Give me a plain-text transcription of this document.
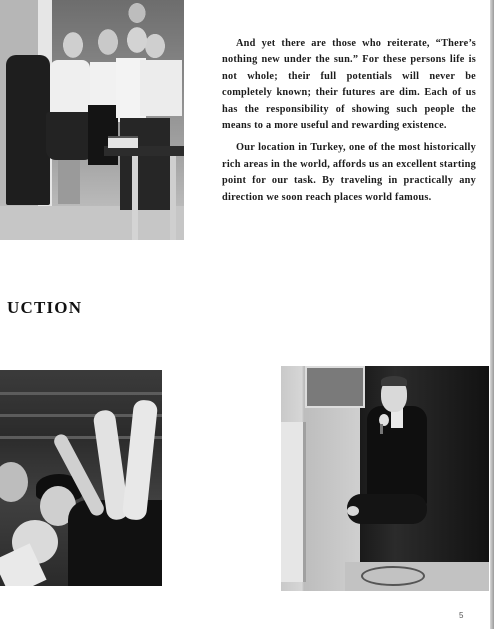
And yet there are those who reiterate, “There’s nothing new under the sun.” For these persons life is not whole; their full potentials will never be completely known; their futures are dim. Each of us has the responsibility of showing such people the means to a more useful and rewarding existence.

Our location in Turkey, one of the most historically rich areas in the world, affords us an excellent starting point for our task. By traveling in practically any direction we soon reach places world famous.

UCTION
5
